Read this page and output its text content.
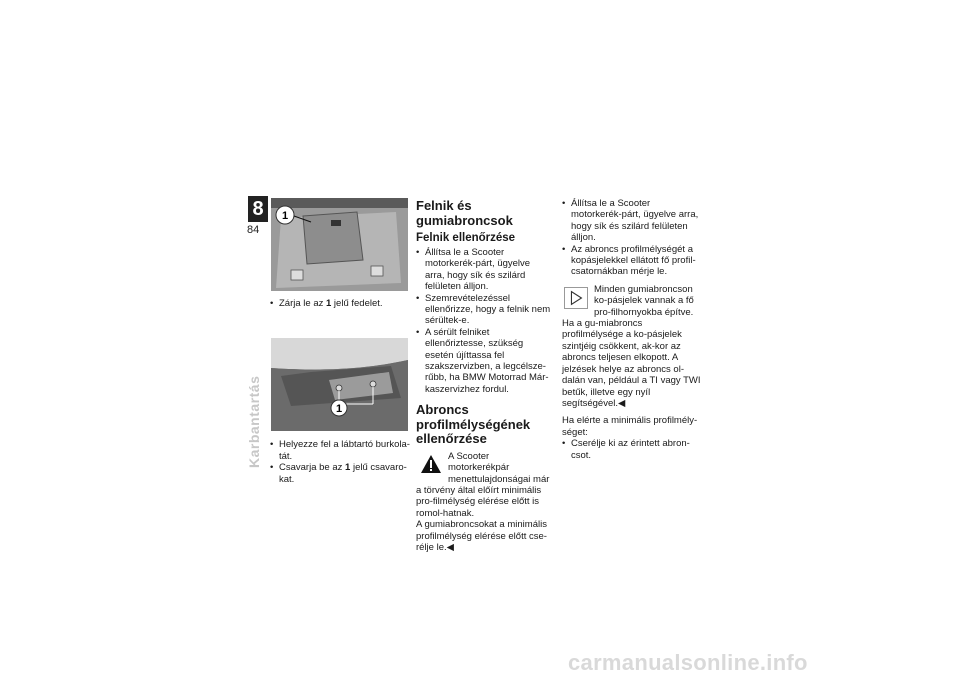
8
84
Karbantartás
1
• Zárja le az 1 jelű fedelet.
1
• Helyezze fel a lábtartó burkola-tát.
• Csavarja be az 1 jelű csavaro-kat.
Felnik és gumiabroncsok
Felnik ellenőrzése
• Állítsa le a Scooter motorkerék-párt, ügyelve arra, hogy sík és szilárd felületen álljon.
• Szemrevételezéssel ellenőrizze, hogy a felnik nem sérültek-e.
• A sérült felniket ellenőriztesse, szükség esetén újíttassa fel szakszervizben, a legcélsze-rűbb, ha BMW Motorrad Már-kaszervizhez fordul.
Abroncs profilmélységének ellenőrzése

A Scooter motorkerékpár menettulajdonságai már a törvény által előírt minimális pro-filmélység elérése előtt is romol-hatnak.

A gumiabroncsokat a minimális profilmélység elérése előtt cse-rélje le.◀

• Állítsa le a Scooter motorkerék-párt, ügyelve arra, hogy sík és szilárd felületen álljon.
• Az abroncs profilmélységét a kopásjelekkel ellátott fő profil-csatornákban mérje le.

Minden gumiabroncson ko-pásjelek vannak a fő pro-filhornyokba építve. Ha a gu-miabroncs profilmélysége a ko-pásjelek szintjéig csökkent, ak-kor az abroncs teljesen elkopott. A jelzések helye az abroncs ol-dalán van, például a TI vagy TWI betűk, illetve egy nyíl segítségével.◀

Ha elérte a minimális profilmély-séget:

• Cserélje ki az érintett abron-csot.
carmanualsonline.info
